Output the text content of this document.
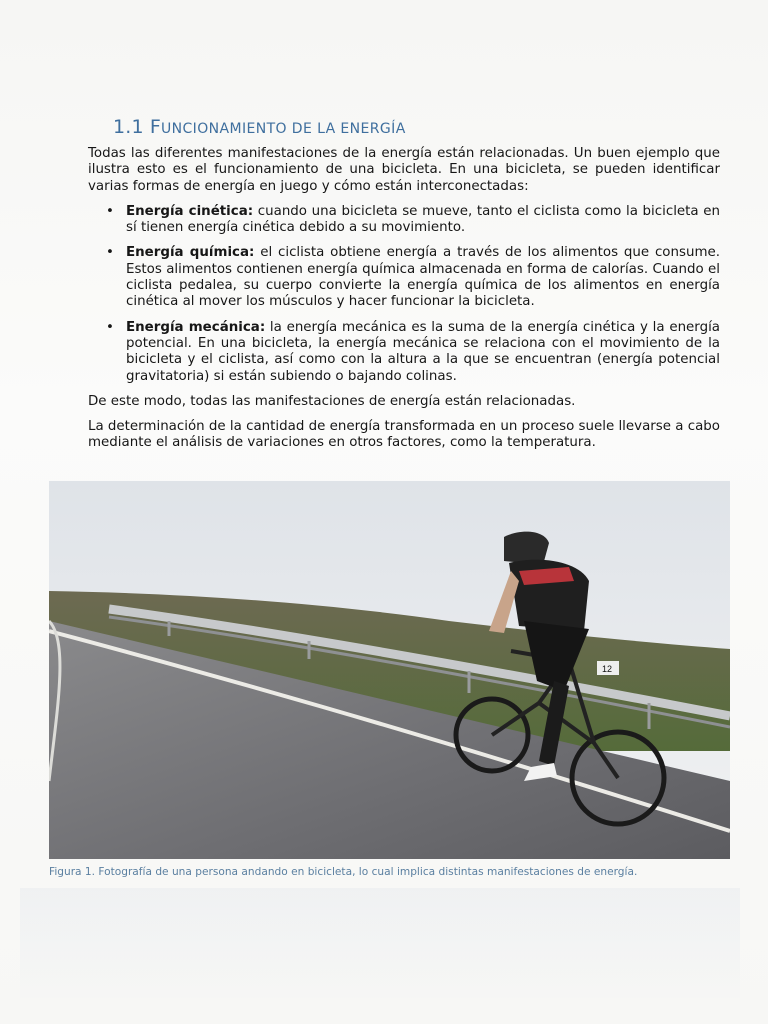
1.1 FUNCIONAMIENTO DE LA ENERGÍA

Todas las diferentes manifestaciones de la energía están relacionadas. Un buen ejemplo que ilustra esto es el funcionamiento de una bicicleta. En una bicicleta, se pueden identificar varias formas de energía en juego y cómo están interconectadas:

• Energía cinética: cuando una bicicleta se mueve, tanto el ciclista como la bicicleta en sí tienen energía cinética debido a su movimiento.
• Energía química: el ciclista obtiene energía a través de los alimentos que consume. Estos alimentos contienen energía química almacenada en forma de calorías. Cuando el ciclista pedalea, su cuerpo convierte la energía química de los alimentos en energía cinética al mover los músculos y hacer funcionar la bicicleta.
• Energía mecánica: la energía mecánica es la suma de la energía cinética y la energía potencial. En una bicicleta, la energía mecánica se relaciona con el movimiento de la bicicleta y el ciclista, así como con la altura a la que se encuentran (energía potencial gravitatoria) si están subiendo o bajando colinas.

De este modo, todas las manifestaciones de energía están relacionadas.

La determinación de la cantidad de energía transformada en un proceso suele llevarse a cabo mediante el análisis de variaciones en otros factores, como la temperatura.

12
Figura 1. Fotografía de una persona andando en bicicleta, lo cual implica distintas manifestaciones de energía.
